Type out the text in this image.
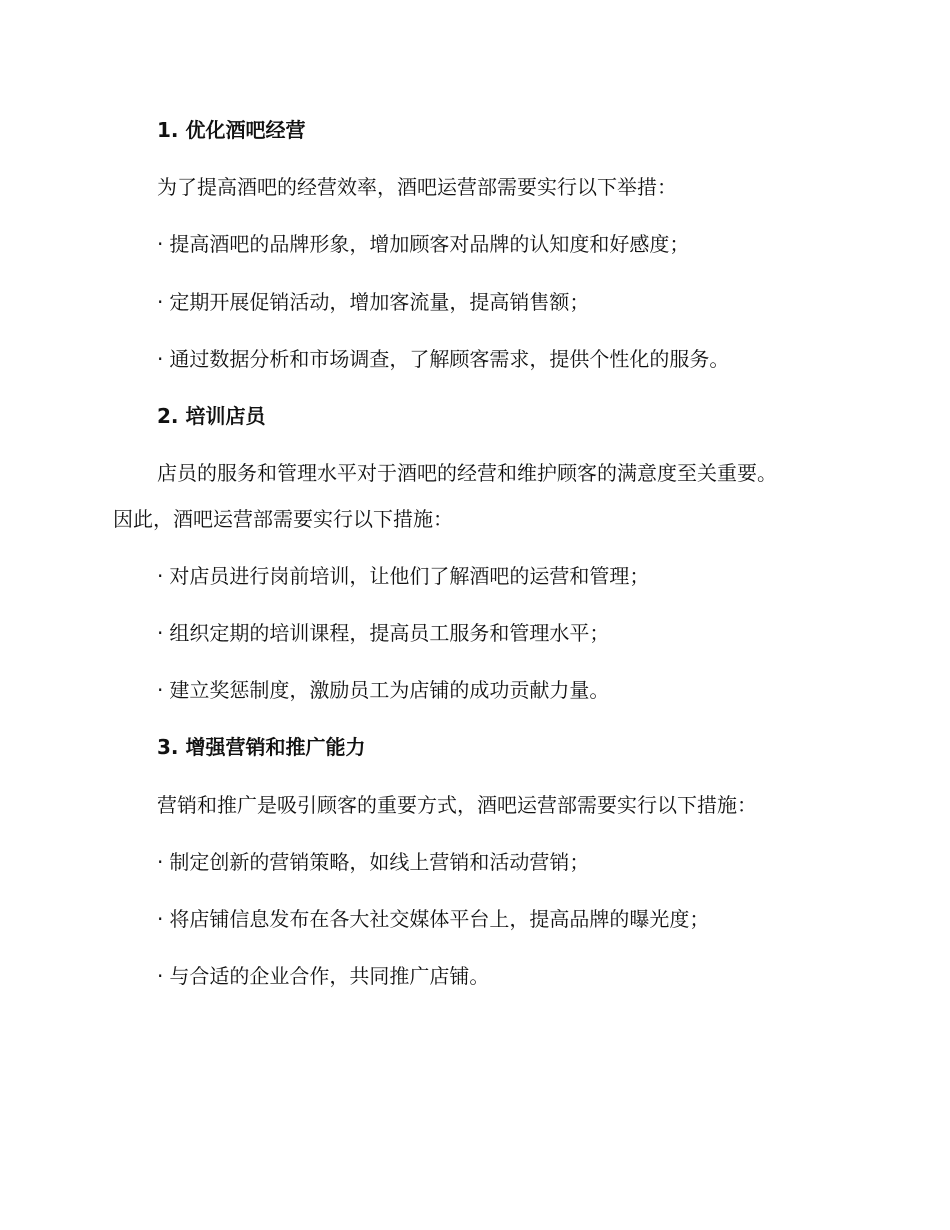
1. 优化酒吧经营
为了提高酒吧的经营效率，酒吧运营部需要实行以下举措：
· 提高酒吧的品牌形象，增加顾客对品牌的认知度和好感度；
· 定期开展促销活动，增加客流量，提高销售额；
· 通过数据分析和市场调查，了解顾客需求，提供个性化的服务。
2. 培训店员
店员的服务和管理水平对于酒吧的经营和维护顾客的满意度至关重要。
因此，酒吧运营部需要实行以下措施：
· 对店员进行岗前培训，让他们了解酒吧的运营和管理；
· 组织定期的培训课程，提高员工服务和管理水平；
· 建立奖惩制度，激励员工为店铺的成功贡献力量。
3. 增强营销和推广能力
营销和推广是吸引顾客的重要方式，酒吧运营部需要实行以下措施：
· 制定创新的营销策略，如线上营销和活动营销；
· 将店铺信息发布在各大社交媒体平台上，提高品牌的曝光度；
· 与合适的企业合作，共同推广店铺。
